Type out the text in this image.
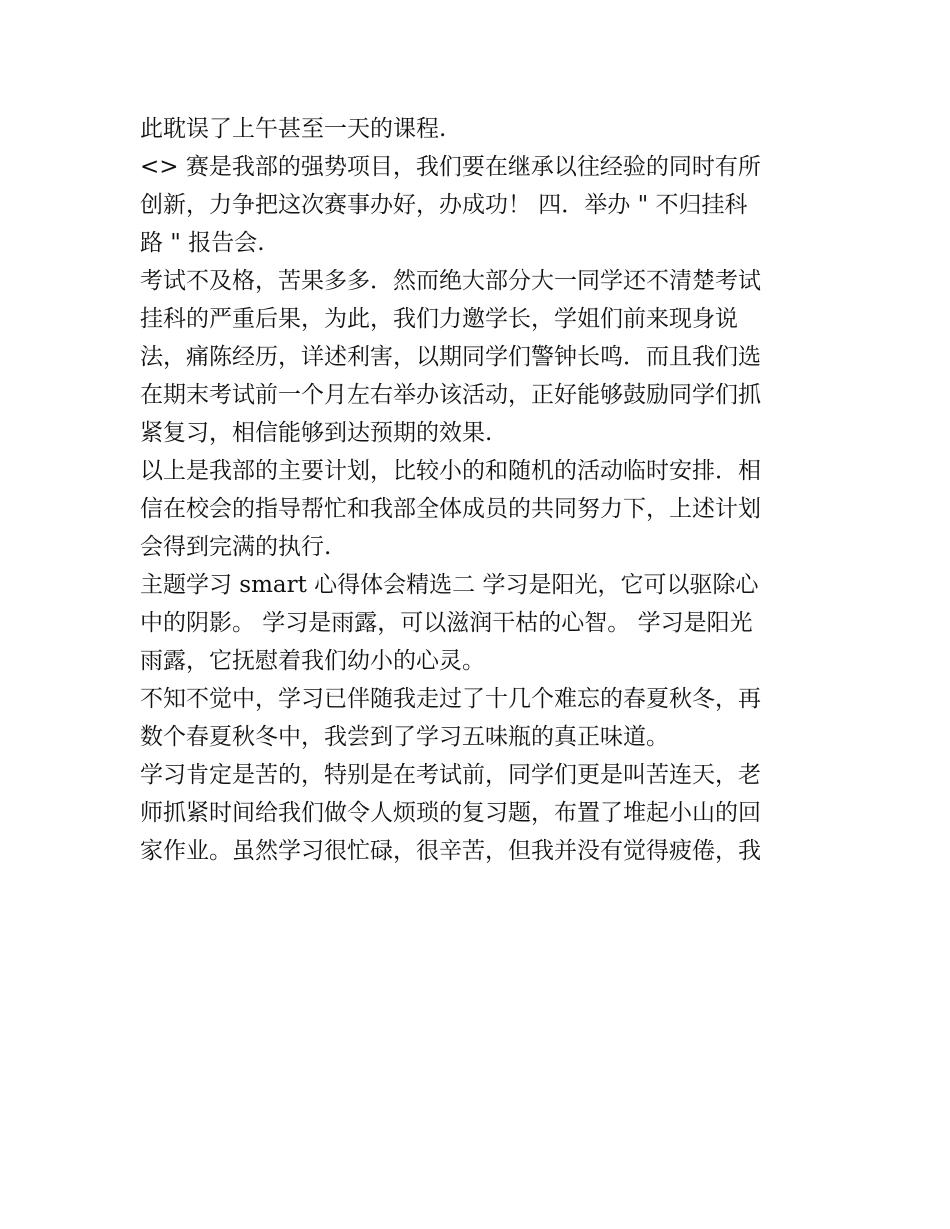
此耽误了上午甚至一天的课程.

<> 赛是我部的强势项目，我们要在继承以往经验的同时有所
创新，力争把这次赛事办好，办成功！ 四．举办 " 不归挂科
路 " 报告会.

考试不及格，苦果多多．然而绝大部分大一同学还不清楚考试
挂科的严重后果，为此，我们力邀学长，学姐们前来现身说
法，痛陈经历，详述利害，以期同学们警钟长鸣．而且我们选
在期末考试前一个月左右举办该活动，正好能够鼓励同学们抓
紧复习，相信能够到达预期的效果.

以上是我部的主要计划，比较小的和随机的活动临时安排．相
信在校会的指导帮忙和我部全体成员的共同努力下，上述计划
会得到完满的执行.

主题学习 smart 心得体会精选二 学习是阳光，它可以驱除心
中的阴影。 学习是雨露，可以滋润干枯的心智。 学习是阳光
雨露，它抚慰着我们幼小的心灵。

不知不觉中，学习已伴随我走过了十几个难忘的春夏秋冬，再
数个春夏秋冬中，我尝到了学习五味瓶的真正味道。

学习肯定是苦的，特别是在考试前，同学们更是叫苦连天，老
师抓紧时间给我们做令人烦琐的复习题，布置了堆起小山的回
家作业。虽然学习很忙碌，很辛苦，但我并没有觉得疲倦，我
